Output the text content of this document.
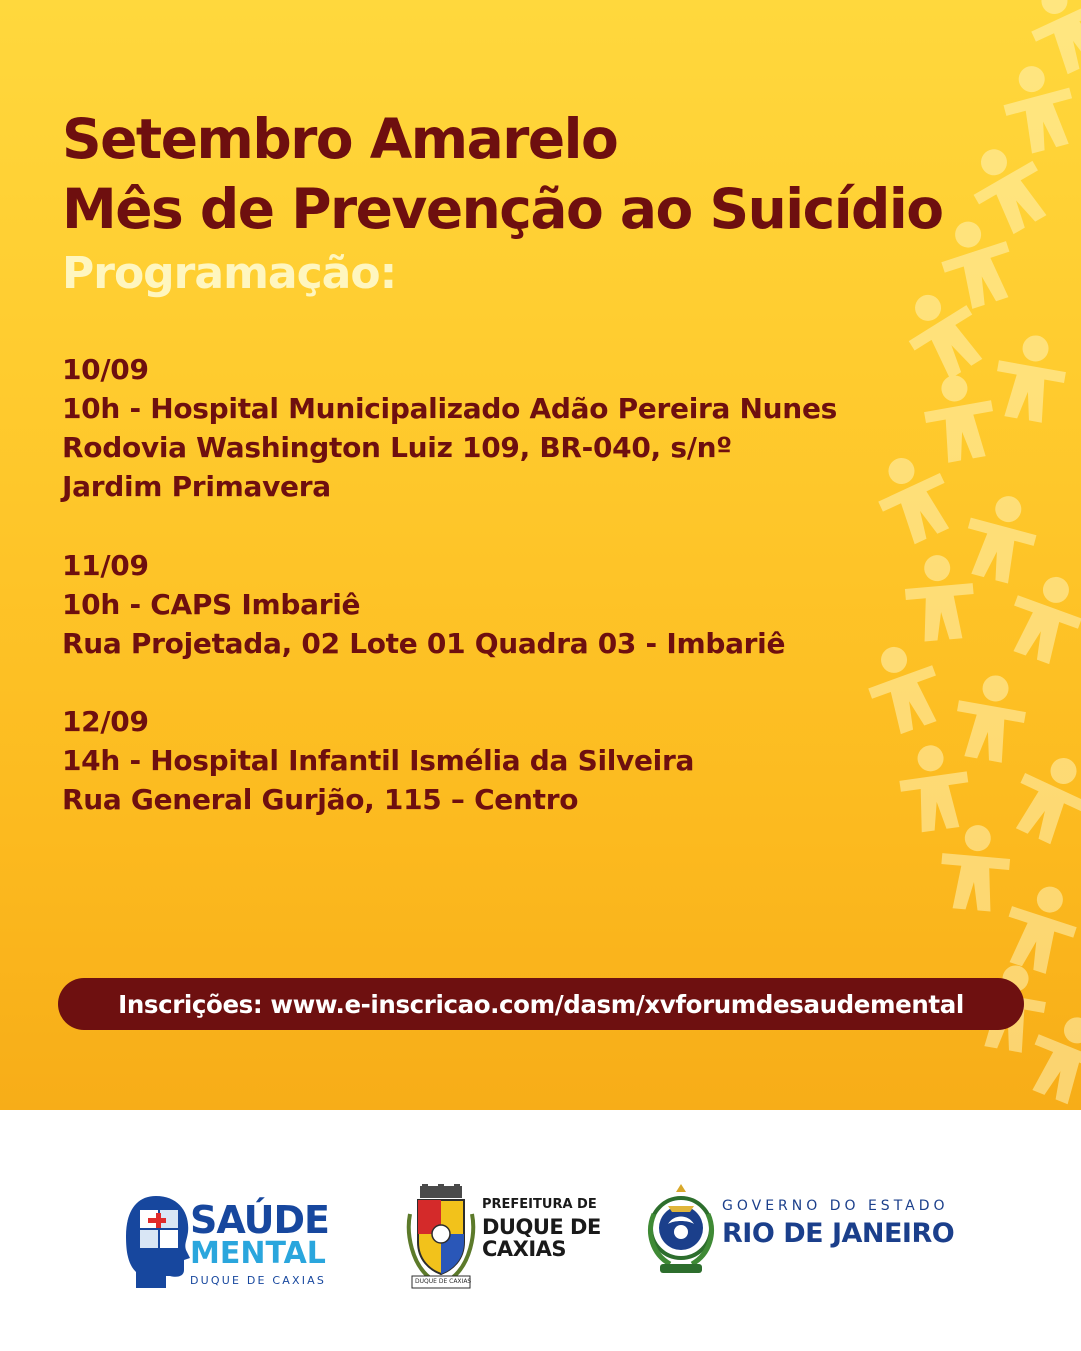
Setembro Amarelo
Mês de Prevenção ao Suicídio
Programação:
10/09
10h - Hospital Municipalizado Adão Pereira Nunes
Rodovia Washington Luiz 109, BR-040, s/nº
Jardim Primavera
11/09
10h - CAPS Imbariê
Rua Projetada, 02 Lote 01 Quadra 03 - Imbariê
12/09
14h - Hospital Infantil Ismélia da Silveira
Rua General Gurjão, 115 – Centro
Inscrições: www.e-inscricao.com/dasm/xvforumdesaudemental
SAÚDE
MENTAL
DUQUE DE CAXIAS	DUQUE DE CAXIAS
PREFEITURA DE
DUQUE DE
CAXIAS
GOVERNO DO ESTADO
RIO DE JANEIRO
